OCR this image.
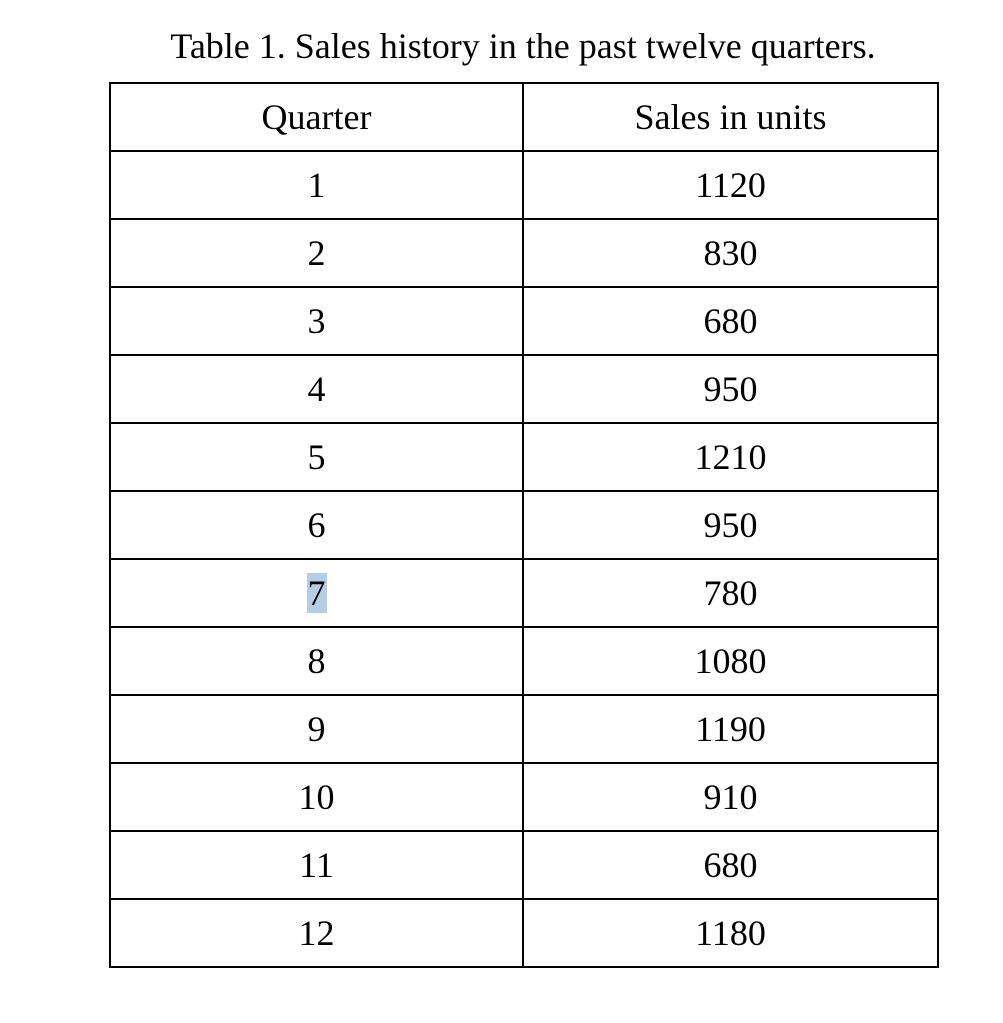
Table 1. Sales history in the past twelve quarters.
Quarter	Sales in units
1	1120
2	830
3	680
4	950
5	1210
6	950
7	780
8	1080
9	1190
10	910
11	680
12	1180
